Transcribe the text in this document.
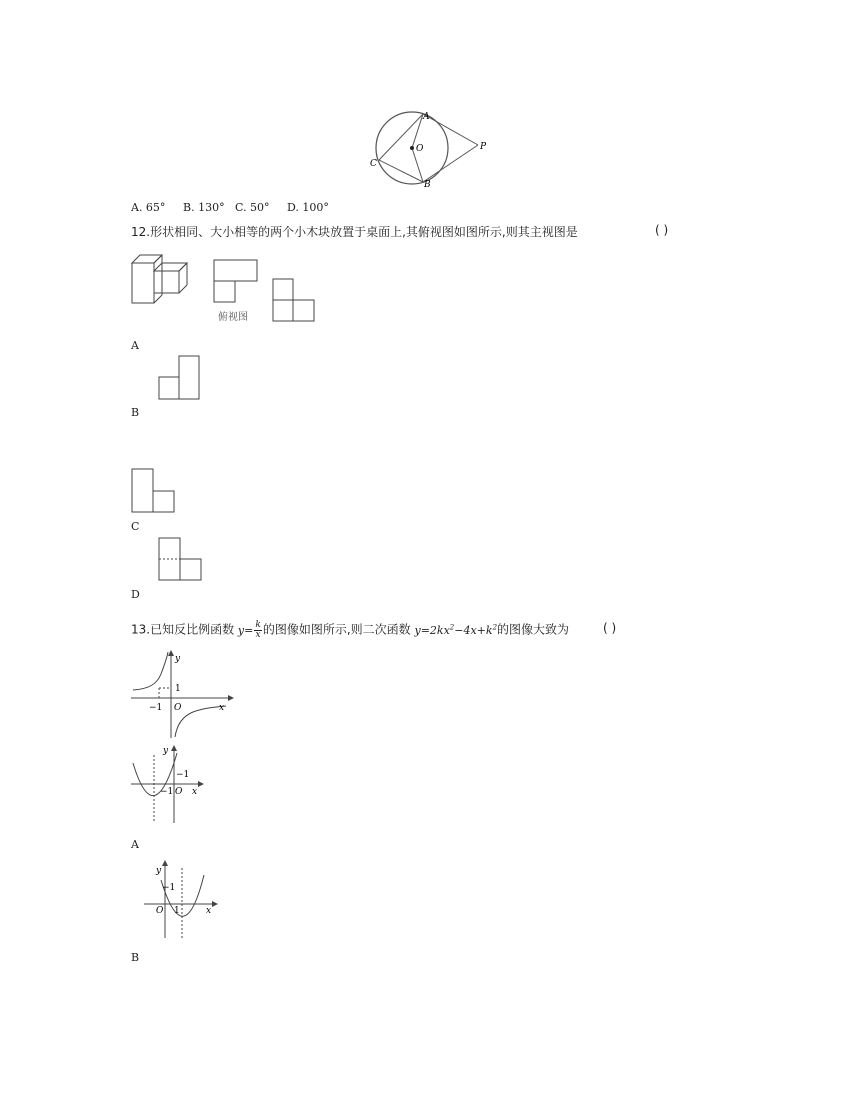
A
O	P
C
B
A. 65° B. 130° C. 50° D. 100°
12.形状相同、大小相等的两个小木块放置于桌面上,其俯视图如图所示,则其主视图是	( )
俯视图
A
B
C
D
13.已知反比例函数 $y= \frac{k}{x}$ 的图像如图所示,则二次函数 $y=2kx^2-4x+k^2$的图像大致为	( )
y
1
−1 O	x
y
−1
−1 O x
A
y
−1
O 1	x
B
